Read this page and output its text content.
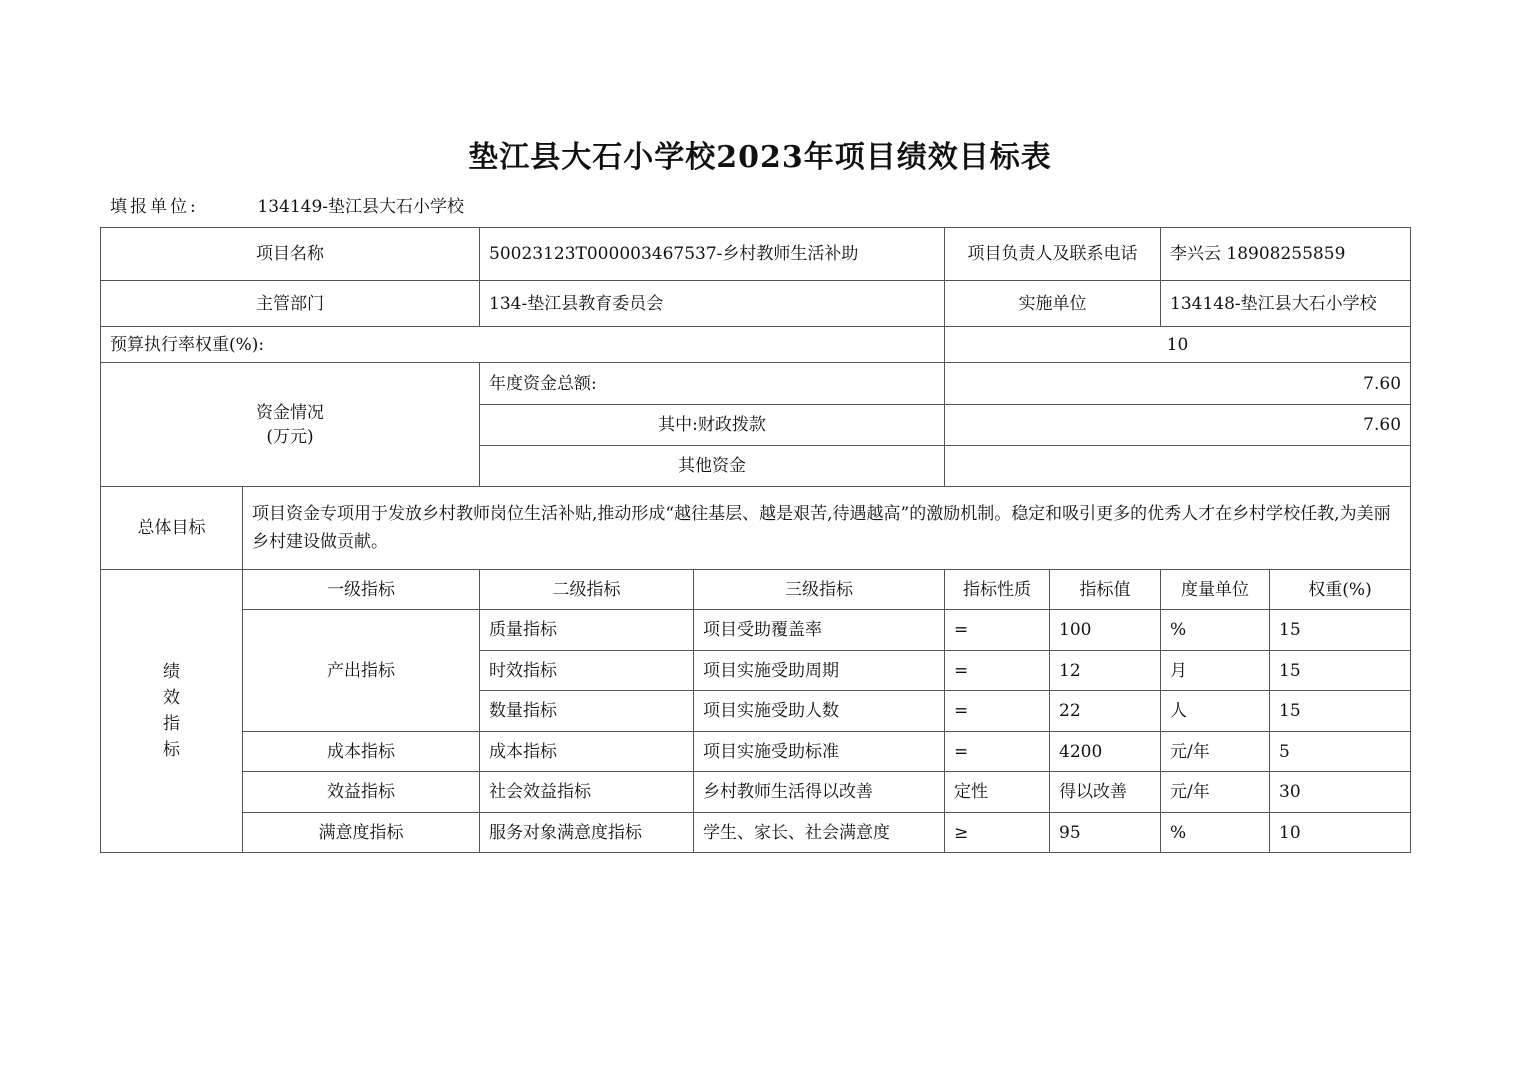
垫江县大石小学校2023年项目绩效目标表
填报单位:	134149-垫江县大石小学校
项目名称		50023123T000003467537-乡村教师生活补助		项目负责人及联系电话		李兴云 18908255859	
主管部门		134-垫江县教育委员会		实施单位		134148-垫江县大石小学校	
预算执行率权重(%):				10			

资金情况
(万元)		年度资金总额:		7.60			
		其中:财政拨款		7.60			
		其他资金					
总体目标	项目资金专项用于发放乡村教师岗位生活补贴,推动形成“越往基层、越是艰苦,待遇越高”的激励机制。稳定和吸引更多的优秀人才在乡村学校任教,为美丽乡村建设做贡献。						

绩效指标	一级指标	二级指标	三级指标	指标性质	指标值	度量单位	权重(%)
	产出指标	质量指标	项目受助覆盖率	=	100	%	15
		时效指标	项目实施受助周期	=	12	月	15
		数量指标	项目实施受助人数	=	22	人	15
	成本指标	成本指标	项目实施受助标准	=	4200	元/年	5
	效益指标	社会效益指标	乡村教师生活得以改善	定性	得以改善	元/年	30
	满意度指标	服务对象满意度指标	学生、家长、社会满意度	≥	95	%	10
